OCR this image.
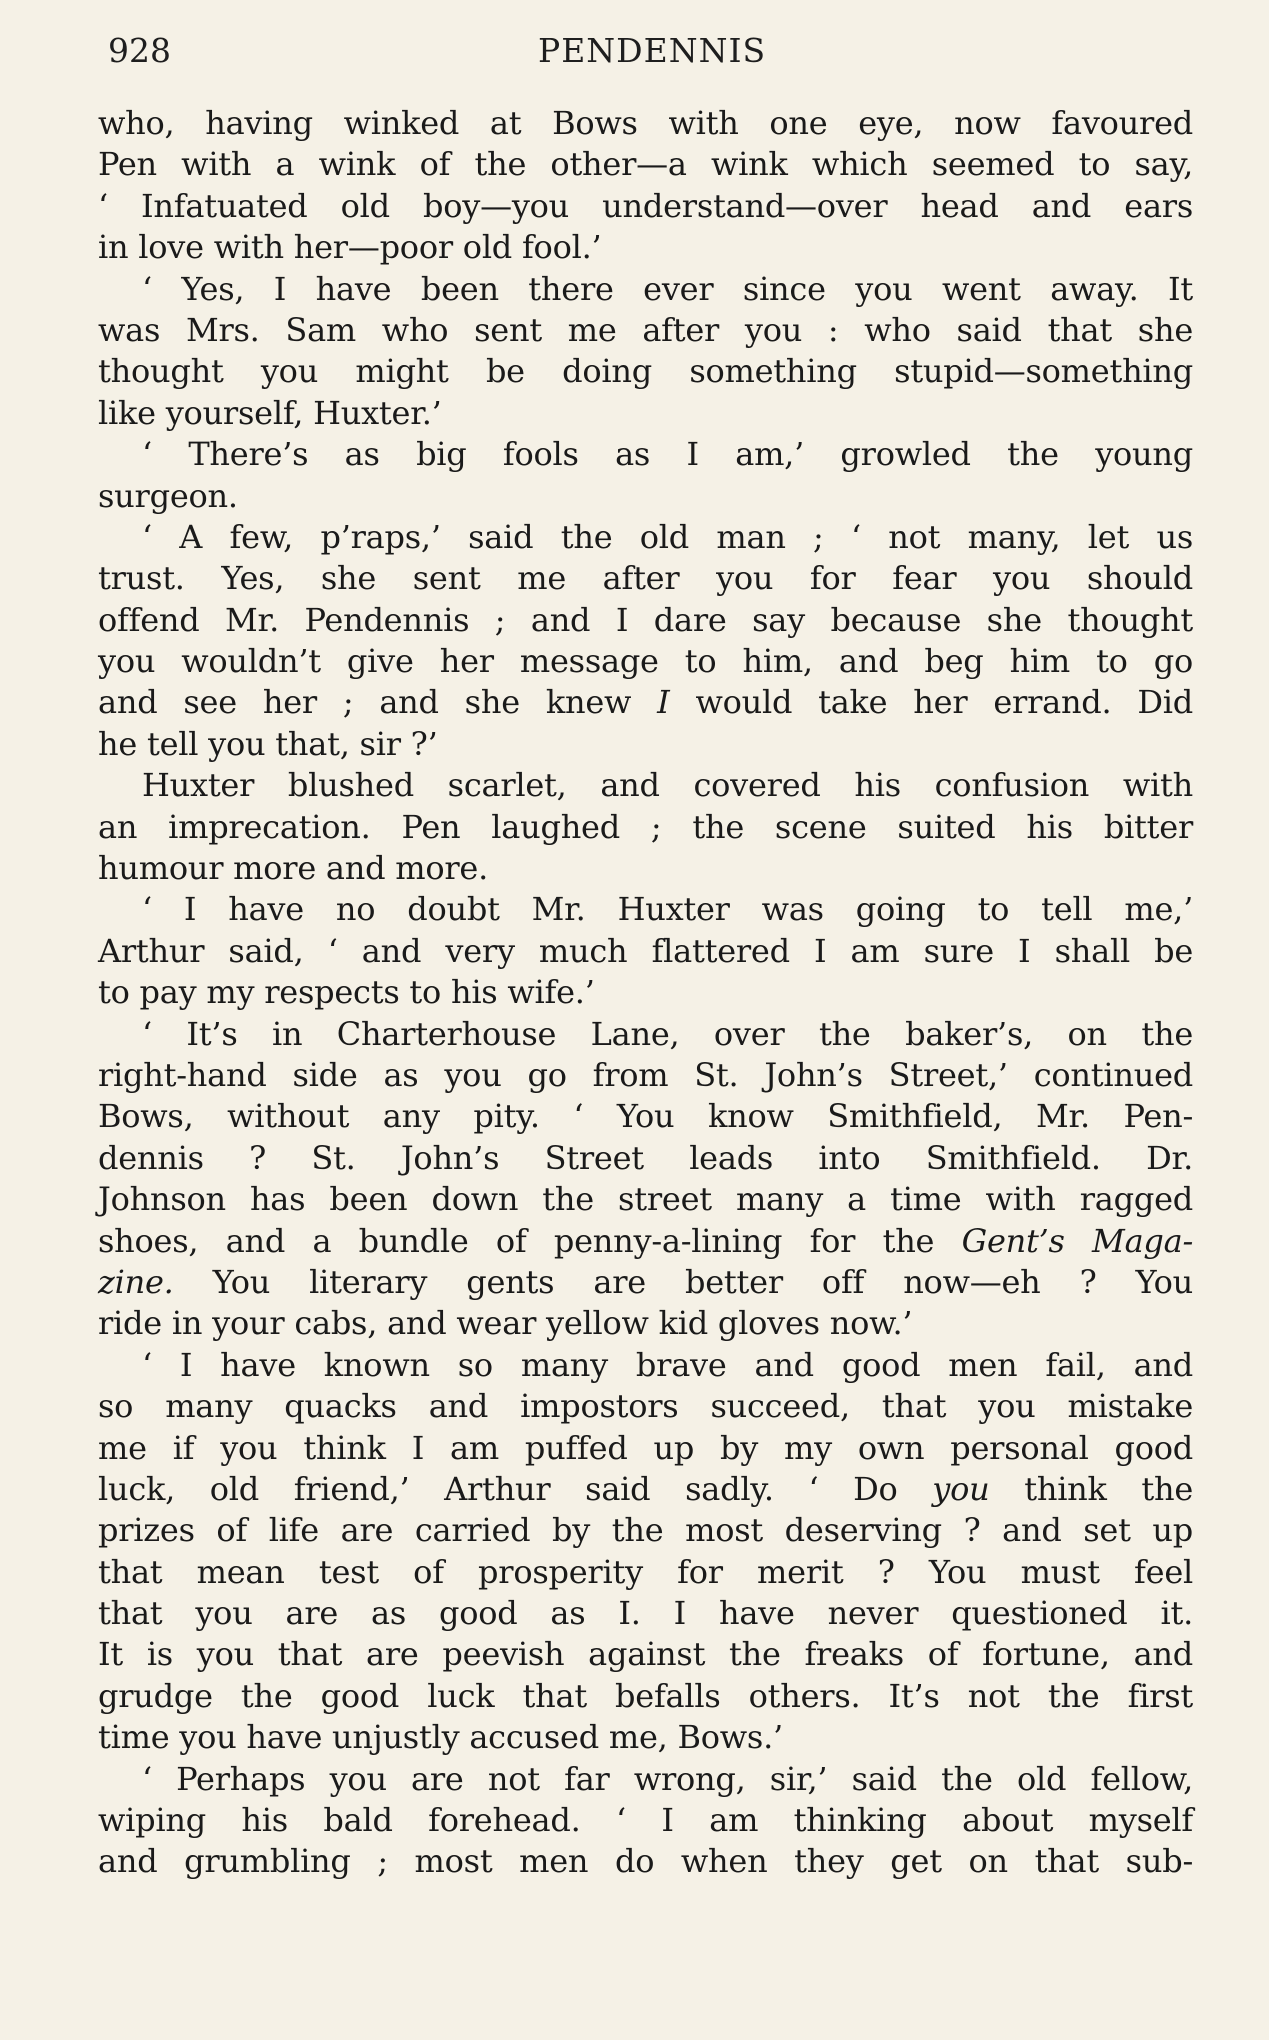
928	PENDENNIS
who, having winked at Bows with one eye, now favoured
Pen with a wink of the other—a wink which seemed to say,
‘ Infatuated old boy—you understand—over head and ears
in love with her—poor old fool.’
‘ Yes, I have been there ever since you went away. It
was Mrs. Sam who sent me after you : who said that she
thought you might be doing something stupid—something
like yourself, Huxter.’
‘ There’s as big fools as I am,’ growled the young
surgeon.
‘ A few, p’raps,’ said the old man ; ‘ not many, let us
trust. Yes, she sent me after you for fear you should
offend Mr. Pendennis ; and I dare say because she thought
you wouldn’t give her message to him, and beg him to go
and see her ; and she knew I would take her errand. Did
he tell you that, sir ?’
Huxter blushed scarlet, and covered his confusion with
an imprecation. Pen laughed ; the scene suited his bitter
humour more and more.
‘ I have no doubt Mr. Huxter was going to tell me,’
Arthur said, ‘ and very much flattered I am sure I shall be
to pay my respects to his wife.’
‘ It’s in Charterhouse Lane, over the baker’s, on the
right-hand side as you go from St. John’s Street,’ continued
Bows, without any pity. ‘ You know Smithfield, Mr. Pen-
dennis ? St. John’s Street leads into Smithfield. Dr.
Johnson has been down the street many a time with ragged
shoes, and a bundle of penny-a-lining for the Gent’s Maga-
zine. You literary gents are better off now—eh ? You
ride in your cabs, and wear yellow kid gloves now.’
‘ I have known so many brave and good men fail, and
so many quacks and impostors succeed, that you mistake
me if you think I am puffed up by my own personal good
luck, old friend,’ Arthur said sadly. ‘ Do you think the
prizes of life are carried by the most deserving ? and set up
that mean test of prosperity for merit ? You must feel
that you are as good as I. I have never questioned it.
It is you that are peevish against the freaks of fortune, and
grudge the good luck that befalls others. It’s not the first
time you have unjustly accused me, Bows.’
‘ Perhaps you are not far wrong, sir,’ said the old fellow,
wiping his bald forehead. ‘ I am thinking about myself
and grumbling ; most men do when they get on that sub-
